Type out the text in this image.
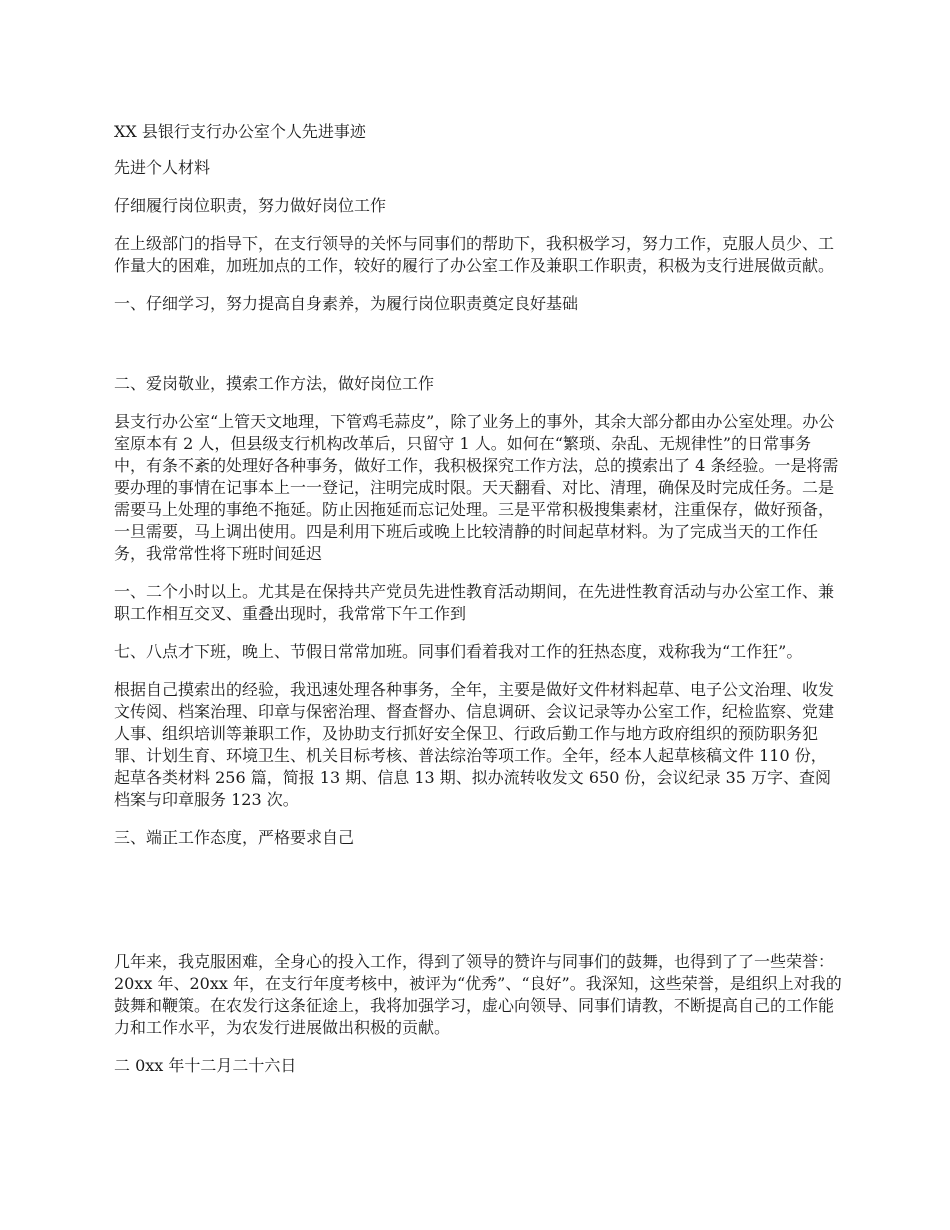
XX 县银行支行办公室个人先进事迹
先进个人材料
仔细履行岗位职责，努力做好岗位工作
在上级部门的指导下，在支行领导的关怀与同事们的帮助下，我积极学习，努力工作，克服人员少、工作量大的困难，加班加点的工作，较好的履行了办公室工作及兼职工作职责，积极为支行进展做贡献。
一、仔细学习，努力提高自身素养，为履行岗位职责奠定良好基础
二、爱岗敬业，摸索工作方法，做好岗位工作
县支行办公室“上管天文地理，下管鸡毛蒜皮”，除了业务上的事外，其余大部分都由办公室处理。办公室原本有 2 人，但县级支行机构改革后，只留守 1 人。如何在“繁琐、杂乱、无规律性”的日常事务中，有条不紊的处理好各种事务，做好工作，我积极探究工作方法，总的摸索出了 4 条经验。一是将需要办理的事情在记事本上一一登记，注明完成时限。天天翻看、对比、清理，确保及时完成任务。二是需要马上处理的事绝不拖延。防止因拖延而忘记处理。三是平常积极搜集素材，注重保存，做好预备，一旦需要，马上调出使用。四是利用下班后或晚上比较清静的时间起草材料。为了完成当天的工作任务，我常常性将下班时间延迟
一、二个小时以上。尤其是在保持共产党员先进性教育活动期间，在先进性教育活动与办公室工作、兼职工作相互交叉、重叠出现时，我常常下午工作到
七、八点才下班，晚上、节假日常常加班。同事们看着我对工作的狂热态度，戏称我为“工作狂”。
根据自己摸索出的经验，我迅速处理各种事务，全年，主要是做好文件材料起草、电子公文治理、收发文传阅、档案治理、印章与保密治理、督查督办、信息调研、会议记录等办公室工作，纪检监察、党建人事、组织培训等兼职工作，及协助支行抓好安全保卫、行政后勤工作与地方政府组织的预防职务犯罪、计划生育、环境卫生、机关目标考核、普法综治等项工作。全年，经本人起草核稿文件 110 份，起草各类材料 256 篇，简报 13 期、信息 13 期、拟办流转收发文 650 份，会议纪录 35 万字、查阅档案与印章服务 123 次。
三、端正工作态度，严格要求自己
几年来，我克服困难，全身心的投入工作，得到了领导的赞许与同事们的鼓舞，也得到了了一些荣誉：20xx 年、20xx 年，在支行年度考核中，被评为“优秀”、“良好”。我深知，这些荣誉，是组织上对我的鼓舞和鞭策。在农发行这条征途上，我将加强学习，虚心向领导、同事们请教，不断提高自己的工作能力和工作水平，为农发行进展做出积极的贡献。
二 0xx 年十二月二十六日
